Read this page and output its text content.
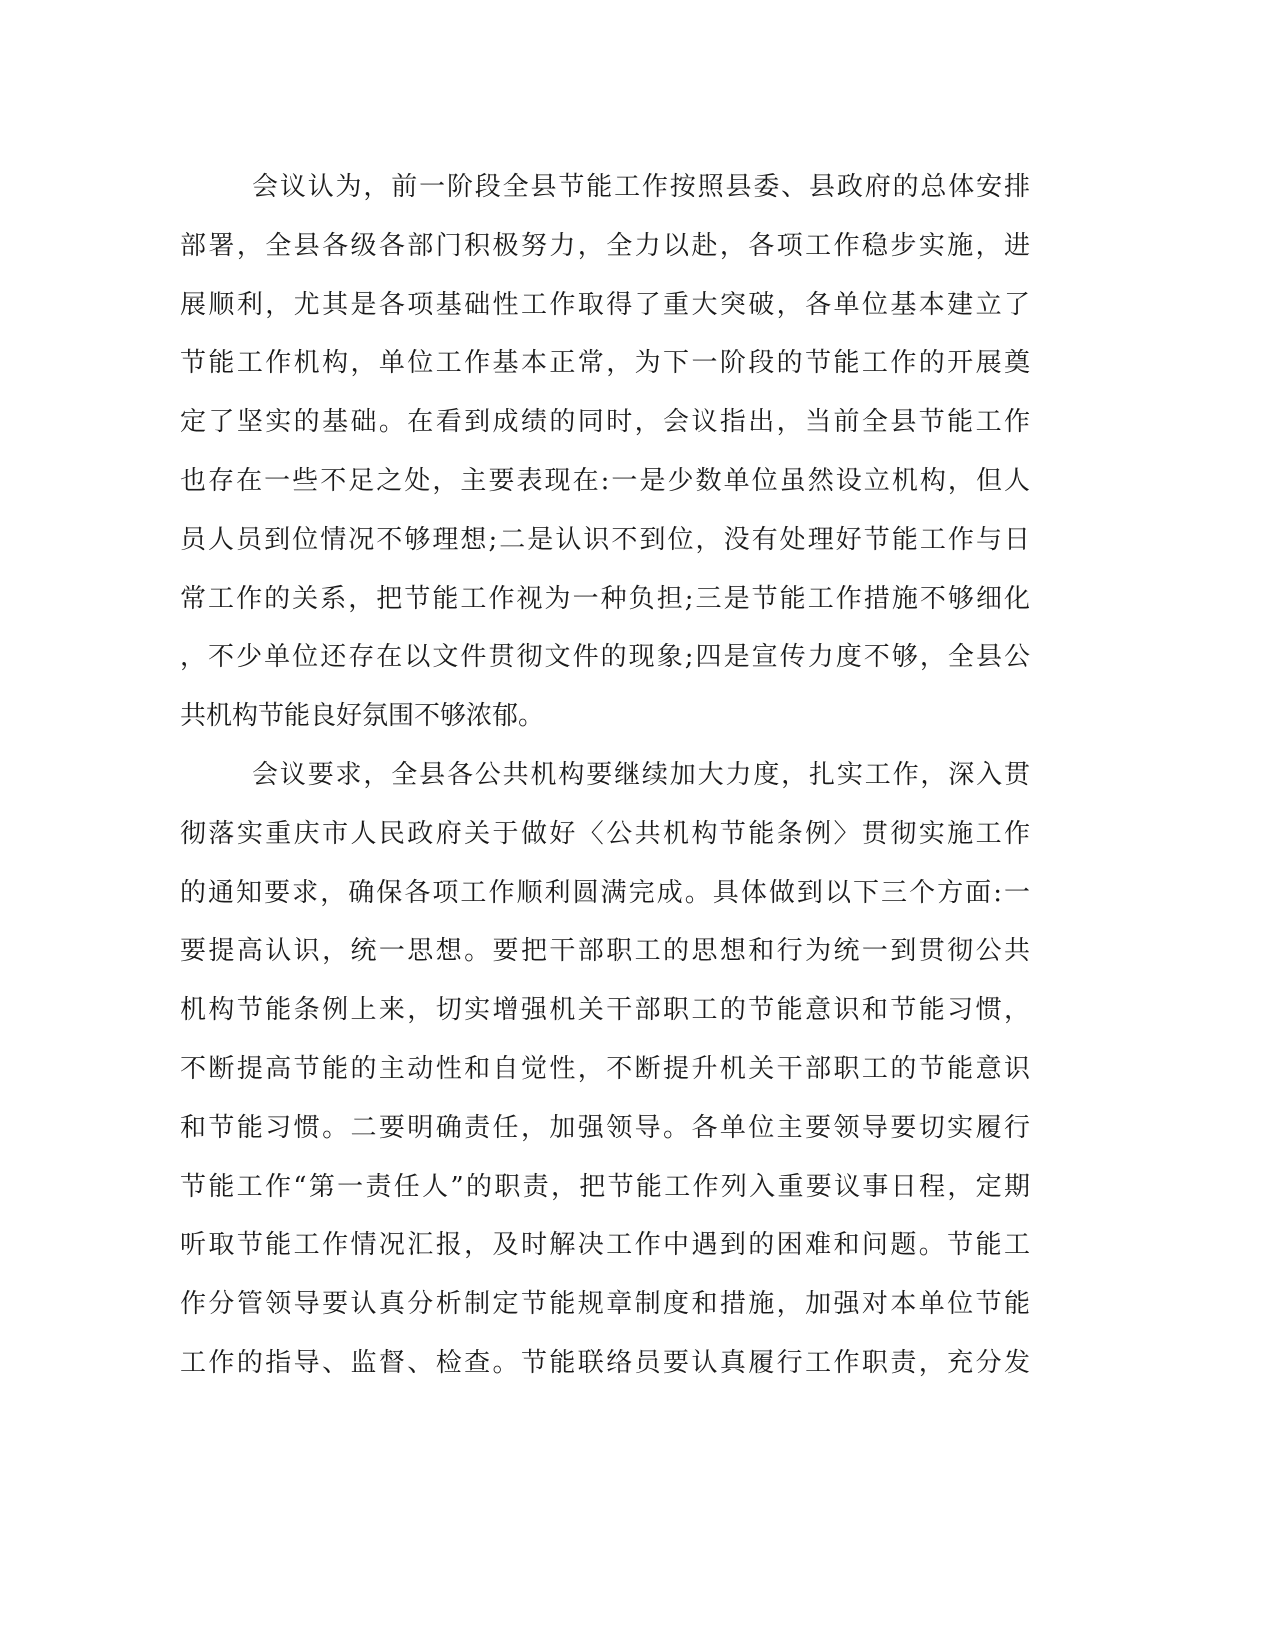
会议认为，前一阶段全县节能工作按照县委、县政府的总体安排
部署，全县各级各部门积极努力，全力以赴，各项工作稳步实施，进
展顺利，尤其是各项基础性工作取得了重大突破，各单位基本建立了
节能工作机构，单位工作基本正常，为下一阶段的节能工作的开展奠
定了坚实的基础。在看到成绩的同时，会议指出，当前全县节能工作
也存在一些不足之处，主要表现在:一是少数单位虽然设立机构，但人
员人员到位情况不够理想;二是认识不到位，没有处理好节能工作与日
常工作的关系，把节能工作视为一种负担;三是节能工作措施不够细化
，不少单位还存在以文件贯彻文件的现象;四是宣传力度不够，全县公
共机构节能良好氛围不够浓郁。
会议要求，全县各公共机构要继续加大力度，扎实工作，深入贯
彻落实重庆市人民政府关于做好〈公共机构节能条例〉贯彻实施工作
的通知要求，确保各项工作顺利圆满完成。具体做到以下三个方面:一
要提高认识，统一思想。要把干部职工的思想和行为统一到贯彻公共
机构节能条例上来，切实增强机关干部职工的节能意识和节能习惯，
不断提高节能的主动性和自觉性，不断提升机关干部职工的节能意识
和节能习惯。二要明确责任，加强领导。各单位主要领导要切实履行
节能工作“第一责任人”的职责，把节能工作列入重要议事日程，定期
听取节能工作情况汇报，及时解决工作中遇到的困难和问题。节能工
作分管领导要认真分析制定节能规章制度和措施，加强对本单位节能
工作的指导、监督、检查。节能联络员要认真履行工作职责，充分发
